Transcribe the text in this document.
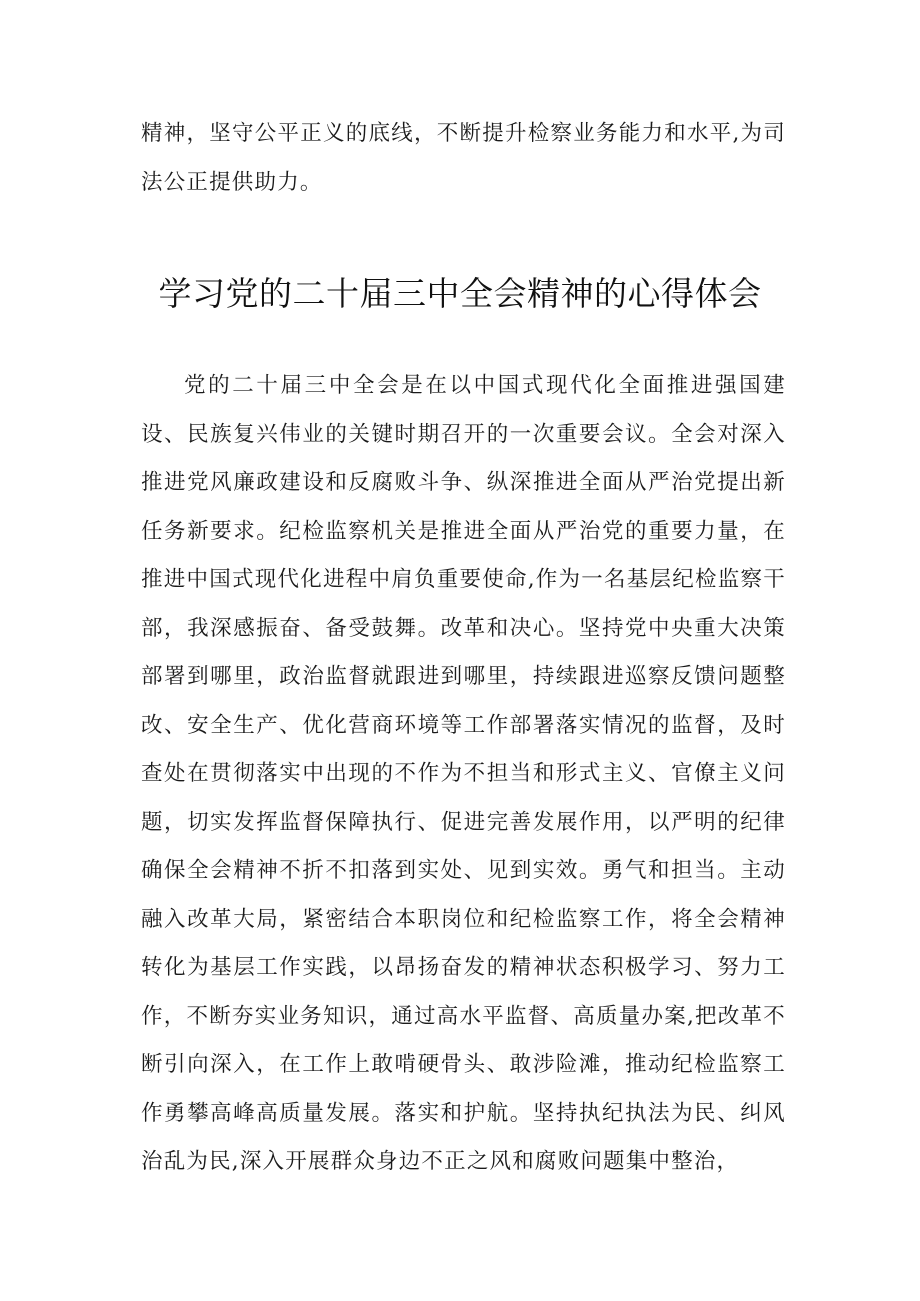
精神，坚守公平正义的底线，不断提升检察业务能力和水平,为司法公正提供助力。

学习党的二十届三中全会精神的心得体会

党的二十届三中全会是在以中国式现代化全面推进强国建设、民族复兴伟业的关键时期召开的一次重要会议。全会对深入推进党风廉政建设和反腐败斗争、纵深推进全面从严治党提出新任务新要求。纪检监察机关是推进全面从严治党的重要力量，在推进中国式现代化进程中肩负重要使命,作为一名基层纪检监察干部，我深感振奋、备受鼓舞。改革和决心。坚持党中央重大决策部署到哪里，政治监督就跟进到哪里，持续跟进巡察反馈问题整改、安全生产、优化营商环境等工作部署落实情况的监督，及时查处在贯彻落实中出现的不作为不担当和形式主义、官僚主义问题，切实发挥监督保障执行、促进完善发展作用，以严明的纪律确保全会精神不折不扣落到实处、见到实效。勇气和担当。主动融入改革大局，紧密结合本职岗位和纪检监察工作，将全会精神转化为基层工作实践，以昂扬奋发的精神状态积极学习、努力工作，不断夯实业务知识，通过高水平监督、高质量办案,把改革不断引向深入，在工作上敢啃硬骨头、敢涉险滩，推动纪检监察工作勇攀高峰高质量发展。落实和护航。坚持执纪执法为民、纠风治乱为民,深入开展群众身边不正之风和腐败问题集中整治，
